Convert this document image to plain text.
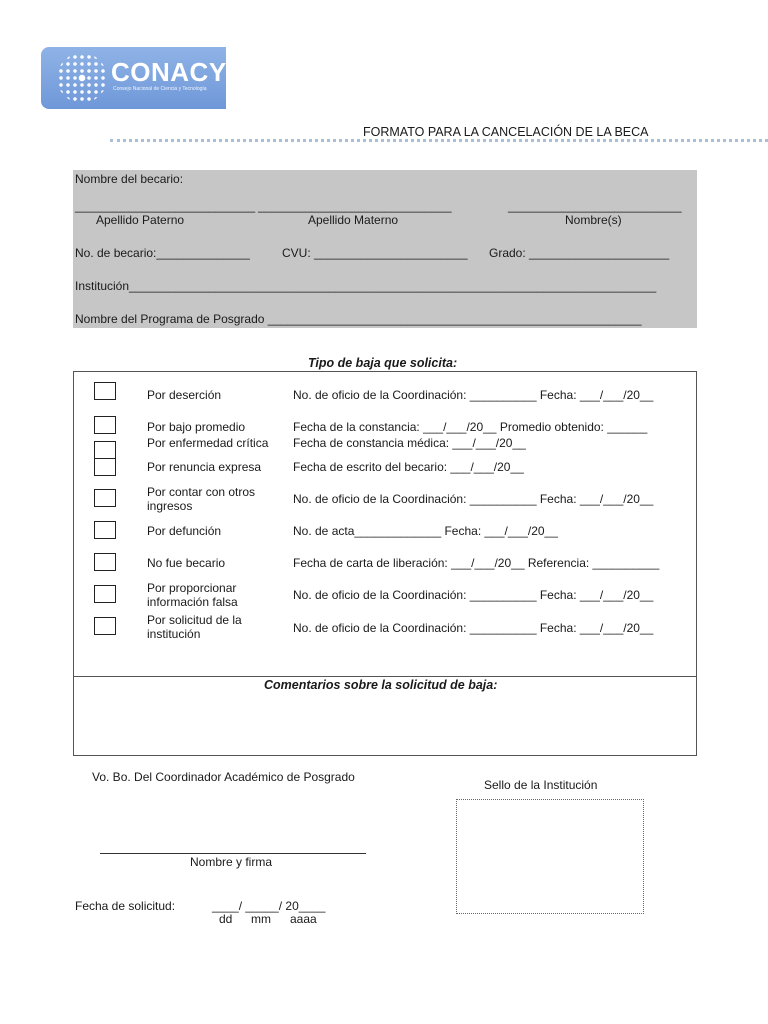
CONACYT
Consejo Nacional de Ciencia y Tecnología
FORMATO PARA LA CANCELACIÓN DE LA BECA
Nombre del becario:
___________________________ _____________________________	__________________________
Apellido Paterno	Apellido Materno	Nombre(s)
No. de becario:______________	CVU: _______________________ Grado: _____________________
Institución_______________________________________________________________________________
Nombre del Programa de Posgrado ________________________________________________________
Tipo de baja que solicita:
Por deserción	No. de oficio de la Coordinación: __________ Fecha: ___/___/20__
Por bajo promedio	Fecha de la constancia: ___/___/20__ Promedio obtenido: ______
Por enfermedad crítica Fecha de constancia médica: ___/___/20__
Por renuncia expresa	Fecha de escrito del becario: ___/___/20__
Por contar con otros
ingresos	No. de oficio de la Coordinación: __________ Fecha: ___/___/20__
Por defunción	No. de acta_____________ Fecha: ___/___/20__
No fue becario	Fecha de carta de liberación: ___/___/20__ Referencia: __________
Por proporcionar
información falsa	No. de oficio de la Coordinación: __________ Fecha: ___/___/20__
Por solicitud de la
institución	No. de oficio de la Coordinación: __________ Fecha: ___/___/20__
Comentarios sobre la solicitud de baja:
Vo. Bo. Del Coordinador Académico de Posgrado
Sello de la Institución
Nombre y firma
Fecha de solicitud:	____/ _____/ 20____
dd mm aaaa
